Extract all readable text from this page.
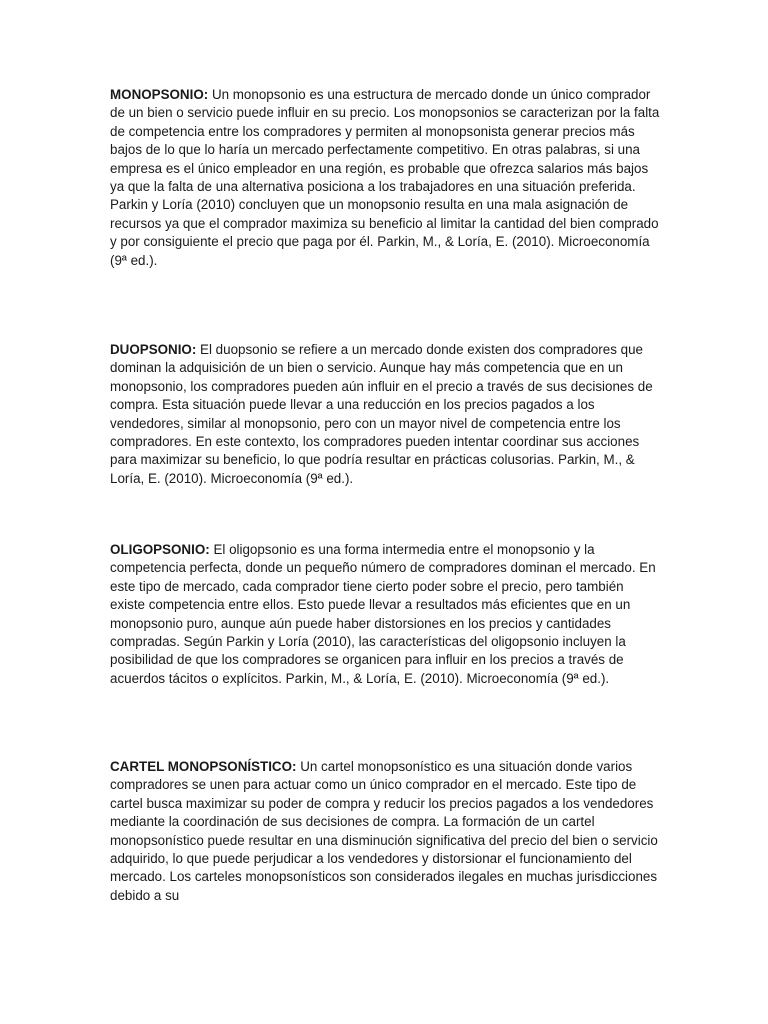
MONOPSONIO: Un monopsonio es una estructura de mercado donde un único comprador de un bien o servicio puede influir en su precio. Los monopsonios se caracterizan por la falta de competencia entre los compradores y permiten al monopsonista generar precios más bajos de lo que lo haría un mercado perfectamente competitivo. En otras palabras, si una empresa es el único empleador en una región, es probable que ofrezca salarios más bajos ya que la falta de una alternativa posiciona a los trabajadores en una situación preferida. Parkin y Loría (2010) concluyen que un monopsonio resulta en una mala asignación de recursos ya que el comprador maximiza su beneficio al limitar la cantidad del bien comprado y por consiguiente el precio que paga por él. Parkin, M., & Loría, E. (2010). Microeconomía (9ª ed.).

DUOPSONIO: El duopsonio se refiere a un mercado donde existen dos compradores que dominan la adquisición de un bien o servicio. Aunque hay más competencia que en un monopsonio, los compradores pueden aún influir en el precio a través de sus decisiones de compra. Esta situación puede llevar a una reducción en los precios pagados a los vendedores, similar al monopsonio, pero con un mayor nivel de competencia entre los compradores. En este contexto, los compradores pueden intentar coordinar sus acciones para maximizar su beneficio, lo que podría resultar en prácticas colusorias. Parkin, M., & Loría, E. (2010). Microeconomía (9ª ed.).

OLIGOPSONIO: El oligopsonio es una forma intermedia entre el monopsonio y la competencia perfecta, donde un pequeño número de compradores dominan el mercado. En este tipo de mercado, cada comprador tiene cierto poder sobre el precio, pero también existe competencia entre ellos. Esto puede llevar a resultados más eficientes que en un monopsonio puro, aunque aún puede haber distorsiones en los precios y cantidades compradas. Según Parkin y Loría (2010), las características del oligopsonio incluyen la posibilidad de que los compradores se organicen para influir en los precios a través de acuerdos tácitos o explícitos. Parkin, M., & Loría, E. (2010). Microeconomía (9ª ed.).

CARTEL MONOPSONÍSTICO: Un cartel monopsonístico es una situación donde varios compradores se unen para actuar como un único comprador en el mercado. Este tipo de cartel busca maximizar su poder de compra y reducir los precios pagados a los vendedores mediante la coordinación de sus decisiones de compra. La formación de un cartel monopsonístico puede resultar en una disminución significativa del precio del bien o servicio adquirido, lo que puede perjudicar a los vendedores y distorsionar el funcionamiento del mercado. Los carteles monopsonísticos son considerados ilegales en muchas jurisdicciones debido a su
